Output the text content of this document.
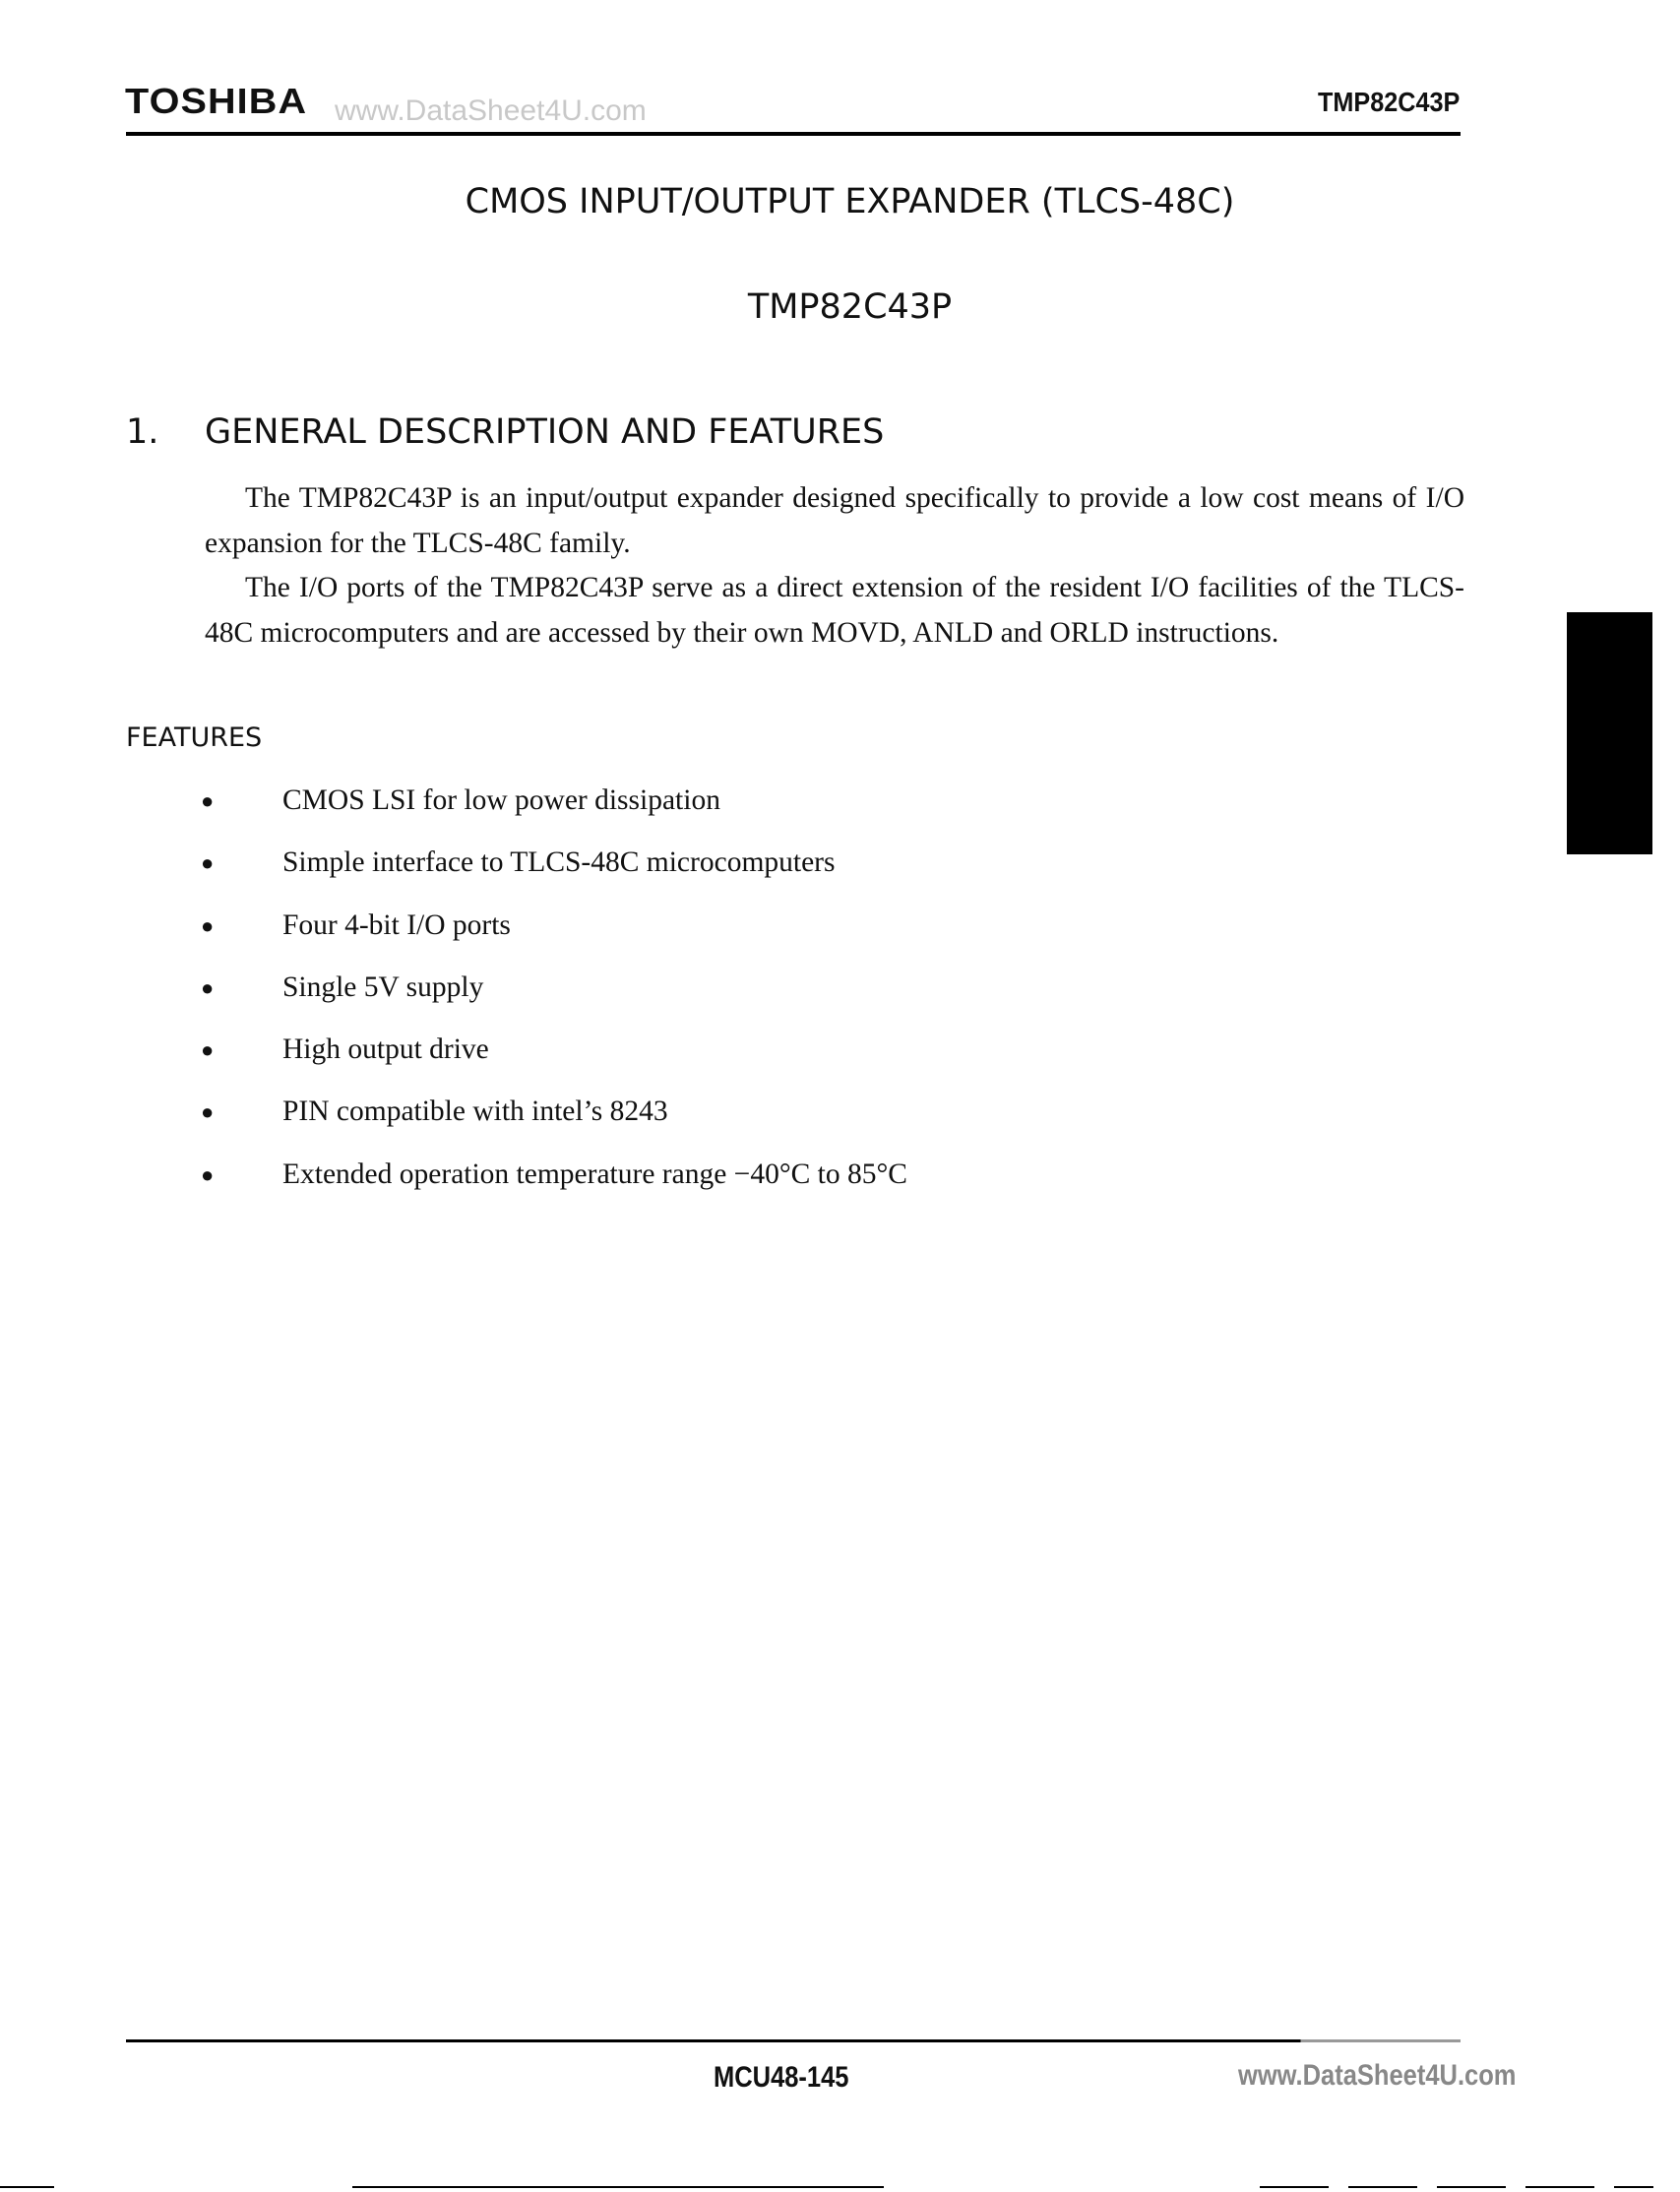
TOSHIBA www.DataSheet4U.com	TMP82C43P
CMOS INPUT/OUTPUT EXPANDER (TLCS-48C)
TMP82C43P
1. GENERAL DESCRIPTION AND FEATURES

The TMP82C43P is an input/output expander designed specifically to provide a low cost means of I/O expansion for the TLCS-48C family.

The I/O ports of the TMP82C43P serve as a direct extension of the resident I/O facilities of the TLCS-48C microcomputers and are accessed by their own MOVD, ANLD and ORLD instructions.

FEATURES
● CMOS LSI for low power dissipation
● Simple interface to TLCS-48C microcomputers
● Four 4-bit I/O ports
● Single 5V supply
● High output drive
● PIN compatible with intel’s 8243
● Extended operation temperature range −40°C to 85°C
MCU48-145	www.DataSheet4U.com
